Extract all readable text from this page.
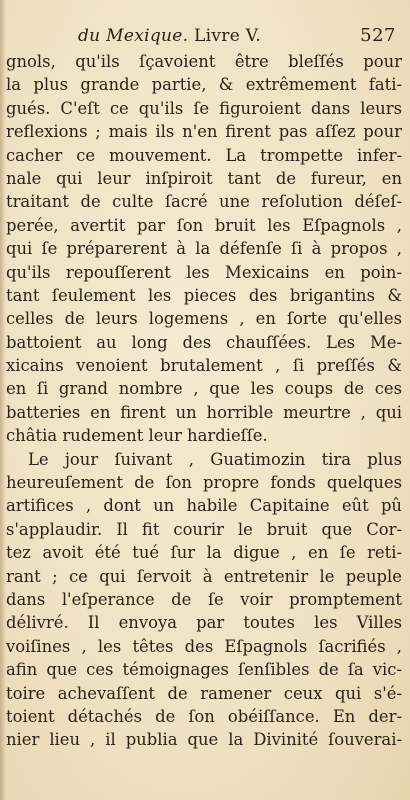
du Mexique. Livre V.	527
gnols, qu'ils ſçavoient être bleſſés pour
la plus grande partie, & extrêmement fati-
gués. C'eſt ce qu'ils ſe figuroient dans leurs
reflexions ; mais ils n'en firent pas aſſez pour
cacher ce mouvement. La trompette infer-
nale qui leur inſpiroit tant de fureur, en
traitant de culte ſacré une reſolution déſeſ-
perée, avertit par ſon bruit les Eſpagnols ,
qui ſe préparerent à la défenſe ſi à propos ,
qu'ils repouſſerent les Mexicains en poin-
tant ſeulement les pieces des brigantins &
celles de leurs logemens , en ſorte qu'elles
battoient au long des chauſſées. Les Me-
xicains venoient brutalement , ſi preſſés &
en ſi grand nombre , que les coups de ces
batteries en firent un horrible meurtre , qui
châtia rudement leur hardieſſe.
Le jour ſuivant , Guatimozin tira plus
heureuſement de ſon propre fonds quelques
artifices , dont un habile Capitaine eût pû
s'applaudir. Il fit courir le bruit que Cor-
tez avoit été tué ſur la digue , en ſe reti-
rant ; ce qui ſervoit à entretenir le peuple
dans l'eſperance de ſe voir promptement
délivré. Il envoya par toutes les Villes
voiſines , les têtes des Eſpagnols ſacrifiés ,
afin que ces témoignages ſenſibles de ſa vic-
toire achevaſſent de ramener ceux qui s'é-
toient détachés de ſon obéiſſance. En der-
nier lieu , il publia que la Divinité ſouverai-
